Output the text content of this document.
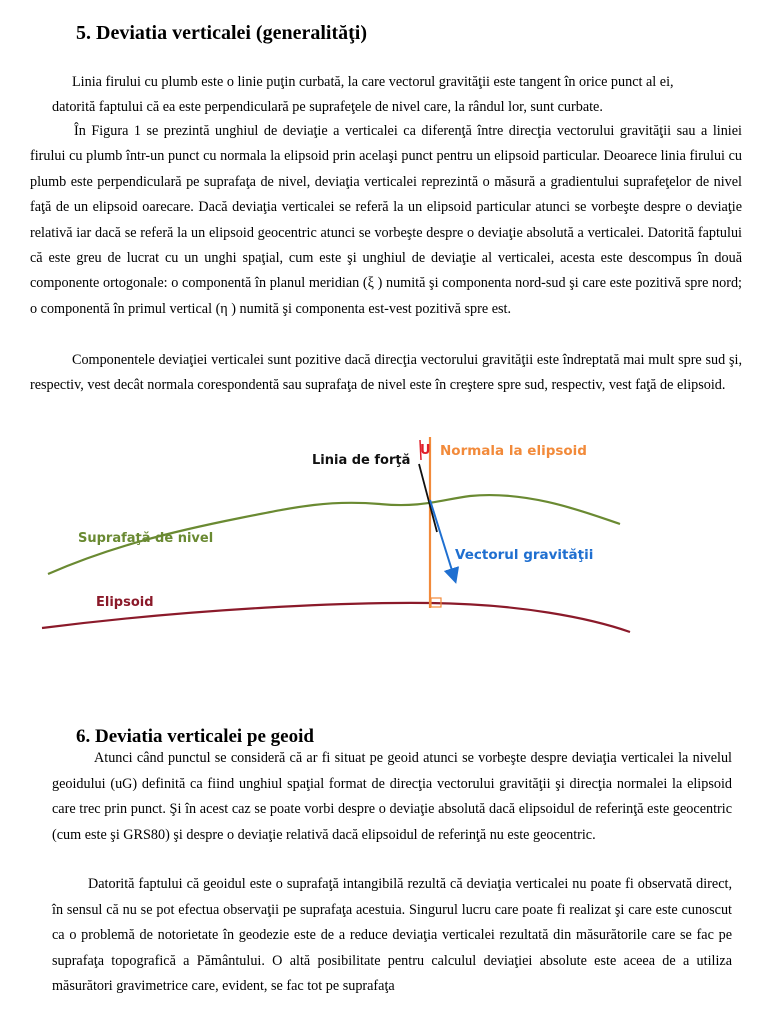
5. Deviatia verticalei (generalităţi)
Linia firului cu plumb este o linie puţin curbată, la care vectorul gravităţii este tangent în orice punct al ei,
datorită faptului că ea este perpendiculară pe suprafeţele de nivel care, la rândul lor, sunt curbate.
În Figura 1 se prezintă unghiul de deviaţie a verticalei ca diferenţă între direcţia vectorului gravităţii sau a liniei firului cu plumb într-un punct cu normala la elipsoid prin acelaşi punct pentru un elipsoid particular. Deoarece linia firului cu plumb este perpendiculară pe suprafaţa de nivel, deviaţia verticalei reprezintă o măsură a gradientului suprafeţelor de nivel faţă de un elipsoid oarecare. Dacă deviaţia verticalei se referă la un elipsoid particular atunci se vorbeşte despre o deviaţie relativă iar dacă se referă la un elipsoid geocentric atunci se vorbeşte despre o deviaţie absolută a verticalei. Datorită faptului că este greu de lucrat cu un unghi spaţial, cum este şi unghiul de deviaţie al verticalei, acesta este descompus în două componente ortogonale: o componentă în planul meridian (ξ ) numită şi componenta nord-sud şi care este pozitivă spre nord; o componentă în primul vertical (η ) numită şi componenta est-vest pozitivă spre est.
Componentele deviaţiei verticalei sunt pozitive dacă direcţia vectorului gravităţii este îndreptată mai mult spre sud şi, respectiv, vest decât normala corespondentă sau suprafaţa de nivel este în creştere spre sud, respectiv, vest faţă de elipsoid.
Linia de forţă
U Normala la elipsoid
Suprafaţă de nivel
Vectorul gravităţii
Elipsoid
6. Deviatia verticalei pe geoid
Atunci când punctul se consideră că ar fi situat pe geoid atunci se vorbeşte despre deviaţia verticalei la nivelul geoidului (uG) definită ca fiind unghiul spaţial format de direcţia vectorului gravităţii şi direcţia normalei la elipsoid care trec prin punct. Şi în acest caz se poate vorbi despre o deviaţie absolută dacă elipsoidul de referinţă este geocentric (cum este şi GRS80) şi despre o deviaţie relativă dacă elipsoidul de referinţă nu este geocentric.
Datorită faptului că geoidul este o suprafaţă intangibilă rezultă că deviaţia verticalei nu poate fi observată direct, în sensul că nu se pot efectua observaţii pe suprafaţa acestuia. Singurul lucru care poate fi realizat şi care este cunoscut ca o problemă de notorietate în geodezie este de a reduce deviaţia verticalei rezultată din măsurătorile care se fac pe suprafaţa topografică a Pământului. O altă posibilitate pentru calculul deviaţiei absolute este aceea de a utiliza măsurători gravimetrice care, evident, se fac tot pe suprafaţa
